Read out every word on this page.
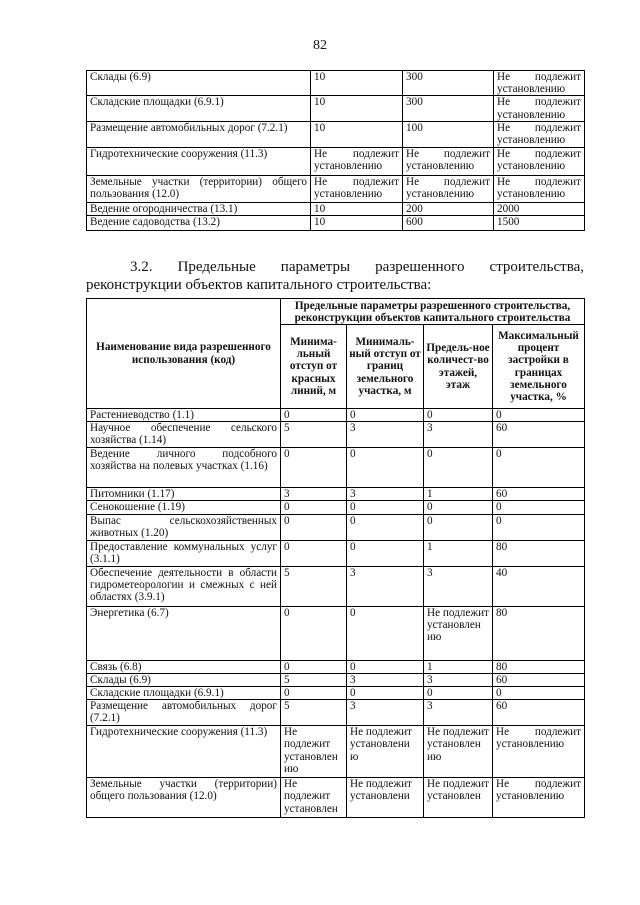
82
Склады (6.9)	10	300	Не подлежит установлению
Складские площадки (6.9.1)	10	300	Не подлежит установлению
Размещение автомобильных дорог (7.2.1)	10	100	Не подлежит установлению
Гидротехнические сооружения (11.3)	Не подлежит установлению	Не подлежит установлению	Не подлежит установлению
Земельные участки (территории) общего пользования (12.0)	Не подлежит установлению	Не подлежит установлению	Не подлежит установлению
Ведение огородничества (13.1)	10	200	2000
Ведение садоводства (13.2)	10	600	1500
3.2. Предельные параметры разрешенного строительства,
реконструкции объектов капитального строительства:
Наименование вида разрешенного использования (код)	Предельные параметры разрешенного строительства, реконструкции объектов капитального строительства			
	Минима-льный отступ от красных линий, м	Минималь-ный отступ от границ земельного участка, м	Предель-ное количест-во этажей, этаж	Максимальный процент застройки в границах земельного участка, %
Растениеводство (1.1)	0	0	0	0
Научное обеспечение сельского хозяйства (1.14)	5	3	3	60
Ведение личного подсобного хозяйства на полевых участках (1.16)	0	0	0	0
Питомники (1.17)	3	3	1	60
Сенокошение (1.19)	0	0	0	0
Выпас сельскохозяйственных животных (1.20)	0	0	0	0
Предоставление коммунальных услуг (3.1.1)	0	0	1	80
Обеспечение деятельности в области гидрометеорологии и смежных с ней областях (3.9.1)	5	3	3	40
Энергетика (6.7)	0	0	Не подлежит установлен ию	80
Связь (6.8)	0	0	1	80
Склады (6.9)	5	3	3	60
Складские площадки (6.9.1)	0	0	0	0
Размещение автомобильных дорог (7.2.1)	5	3	3	60
Гидротехнические сооружения (11.3)	Не подлежит установлен ию	Не подлежит установлени ю	Не подлежит установлен ию	Не подлежит установлению
Земельные участки (территории) общего пользования (12.0)	Не подлежит установлен	Не подлежит установлени	Не подлежит установлен	Не подлежит установлению
